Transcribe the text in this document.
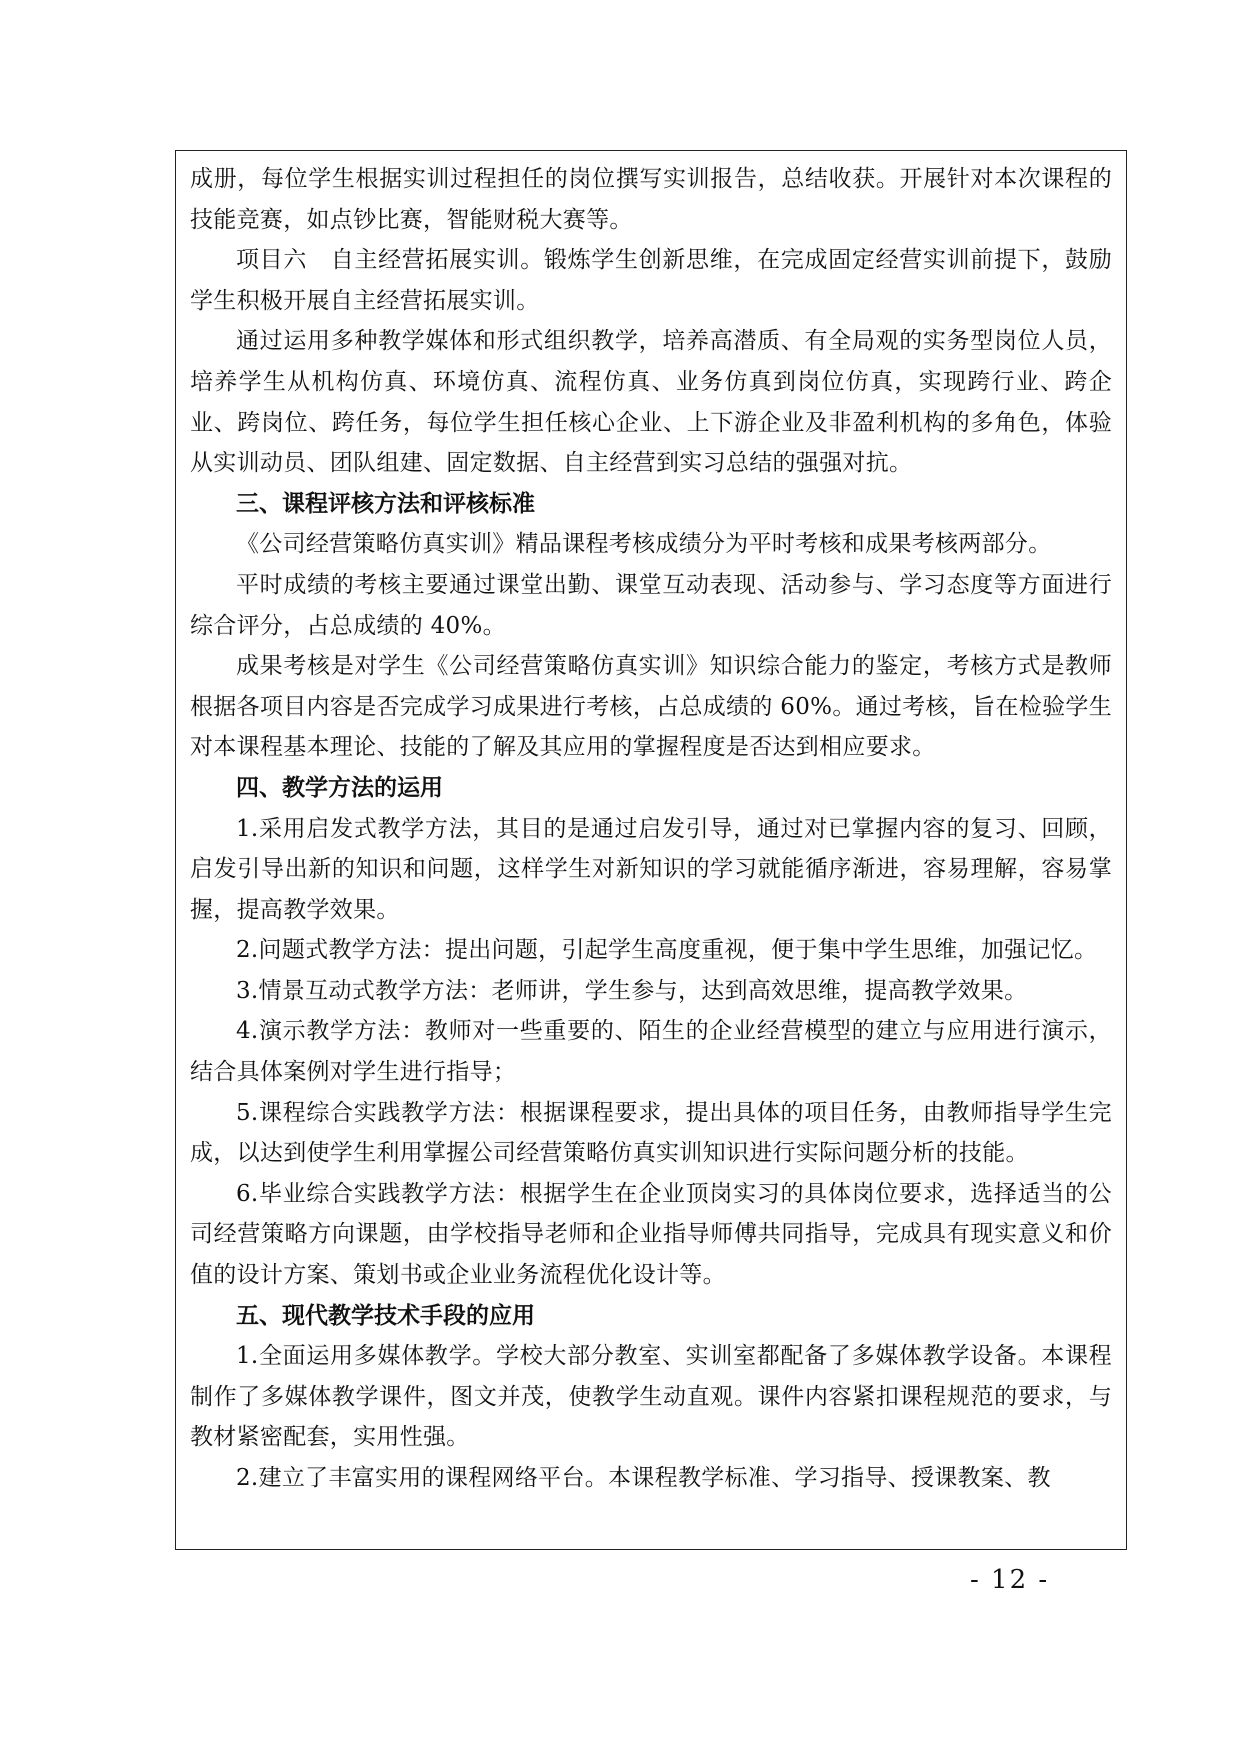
成册，每位学生根据实训过程担任的岗位撰写实训报告，总结收获。开展针对本次课程的技能竞赛，如点钞比赛，智能财税大赛等。

项目六　自主经营拓展实训。锻炼学生创新思维，在完成固定经营实训前提下，鼓励学生积极开展自主经营拓展实训。

通过运用多种教学媒体和形式组织教学，培养高潜质、有全局观的实务型岗位人员，培养学生从机构仿真、环境仿真、流程仿真、业务仿真到岗位仿真，实现跨行业、跨企业、跨岗位、跨任务，每位学生担任核心企业、上下游企业及非盈利机构的多角色，体验从实训动员、团队组建、固定数据、自主经营到实习总结的强强对抗。

三、课程评核方法和评核标准

《公司经营策略仿真实训》精品课程考核成绩分为平时考核和成果考核两部分。

平时成绩的考核主要通过课堂出勤、课堂互动表现、活动参与、学习态度等方面进行综合评分，占总成绩的 40%。

成果考核是对学生《公司经营策略仿真实训》知识综合能力的鉴定，考核方式是教师根据各项目内容是否完成学习成果进行考核，占总成绩的 60%。通过考核，旨在检验学生对本课程基本理论、技能的了解及其应用的掌握程度是否达到相应要求。

四、教学方法的运用

1.采用启发式教学方法，其目的是通过启发引导，通过对已掌握内容的复习、回顾，启发引导出新的知识和问题，这样学生对新知识的学习就能循序渐进，容易理解，容易掌握，提高教学效果。

2.问题式教学方法：提出问题，引起学生高度重视，便于集中学生思维，加强记忆。

3.情景互动式教学方法：老师讲，学生参与，达到高效思维，提高教学效果。

4.演示教学方法：教师对一些重要的、陌生的企业经营模型的建立与应用进行演示，结合具体案例对学生进行指导；

5.课程综合实践教学方法：根据课程要求，提出具体的项目任务，由教师指导学生完成，以达到使学生利用掌握公司经营策略仿真实训知识进行实际问题分析的技能。

6.毕业综合实践教学方法：根据学生在企业顶岗实习的具体岗位要求，选择适当的公司经营策略方向课题，由学校指导老师和企业指导师傅共同指导，完成具有现实意义和价值的设计方案、策划书或企业业务流程优化设计等。

五、现代教学技术手段的应用

1.全面运用多媒体教学。学校大部分教室、实训室都配备了多媒体教学设备。本课程制作了多媒体教学课件，图文并茂，使教学生动直观。课件内容紧扣课程规范的要求，与教材紧密配套，实用性强。

2.建立了丰富实用的课程网络平台。本课程教学标准、学习指导、授课教案、教

- 12 -
